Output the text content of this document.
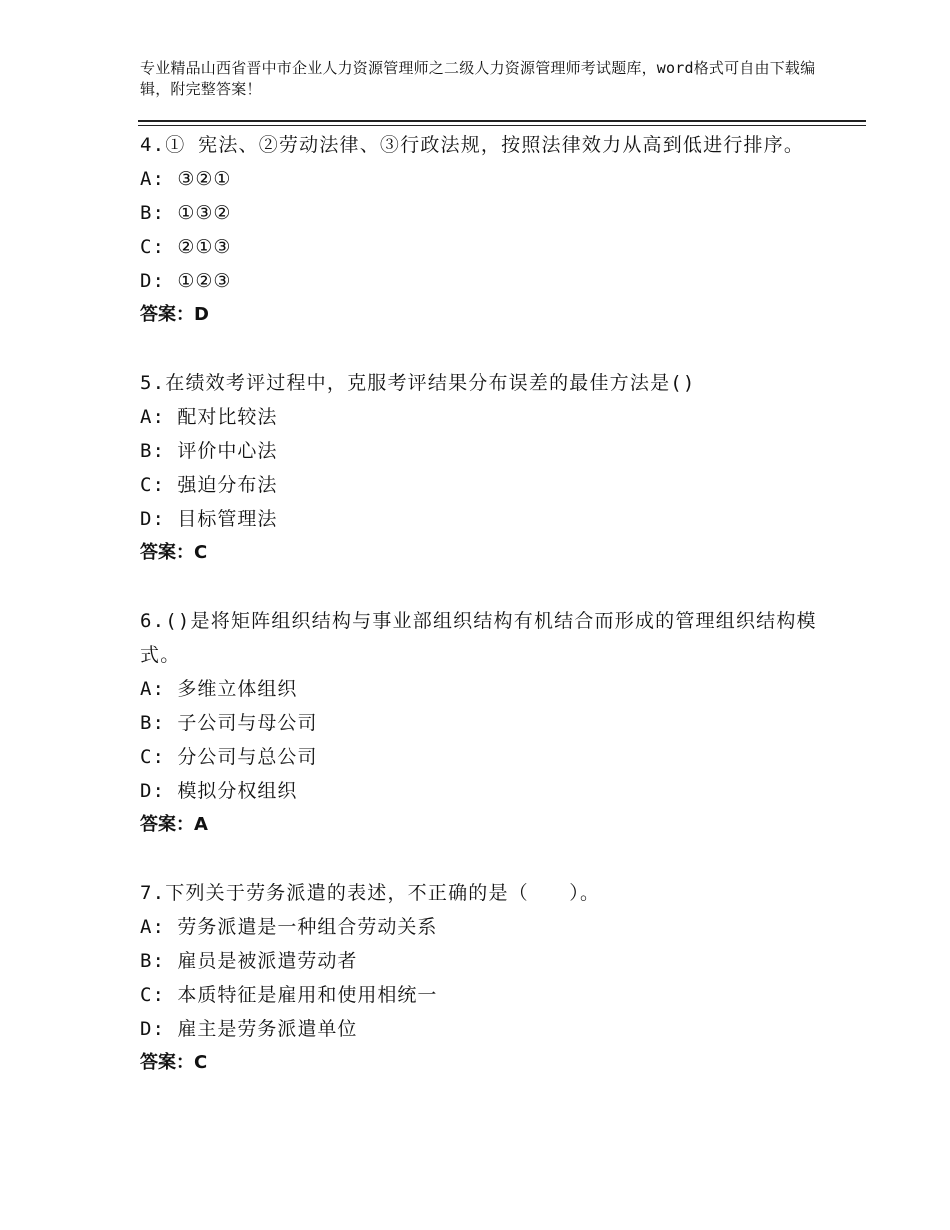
专业精品山西省晋中市企业人力资源管理师之二级人力资源管理师考试题库，word格式可自由下载编辑，附完整答案！

4.① 宪法、②劳动法律、③行政法规，按照法律效力从高到低进行排序。

A: ③②①

B: ①③②

C: ②①③

D: ①②③

答案：D

5.在绩效考评过程中，克服考评结果分布误差的最佳方法是()

A: 配对比较法

B: 评价中心法

C: 强迫分布法

D: 目标管理法

答案：C

6.()是将矩阵组织结构与事业部组织结构有机结合而形成的管理组织结构模式。

A: 多维立体组织

B: 子公司与母公司

C: 分公司与总公司

D: 模拟分权组织

答案：A

7.下列关于劳务派遣的表述，不正确的是（　　）。

A: 劳务派遣是一种组合劳动关系

B: 雇员是被派遣劳动者

C: 本质特征是雇用和使用相统一

D: 雇主是劳务派遣单位

答案：C
